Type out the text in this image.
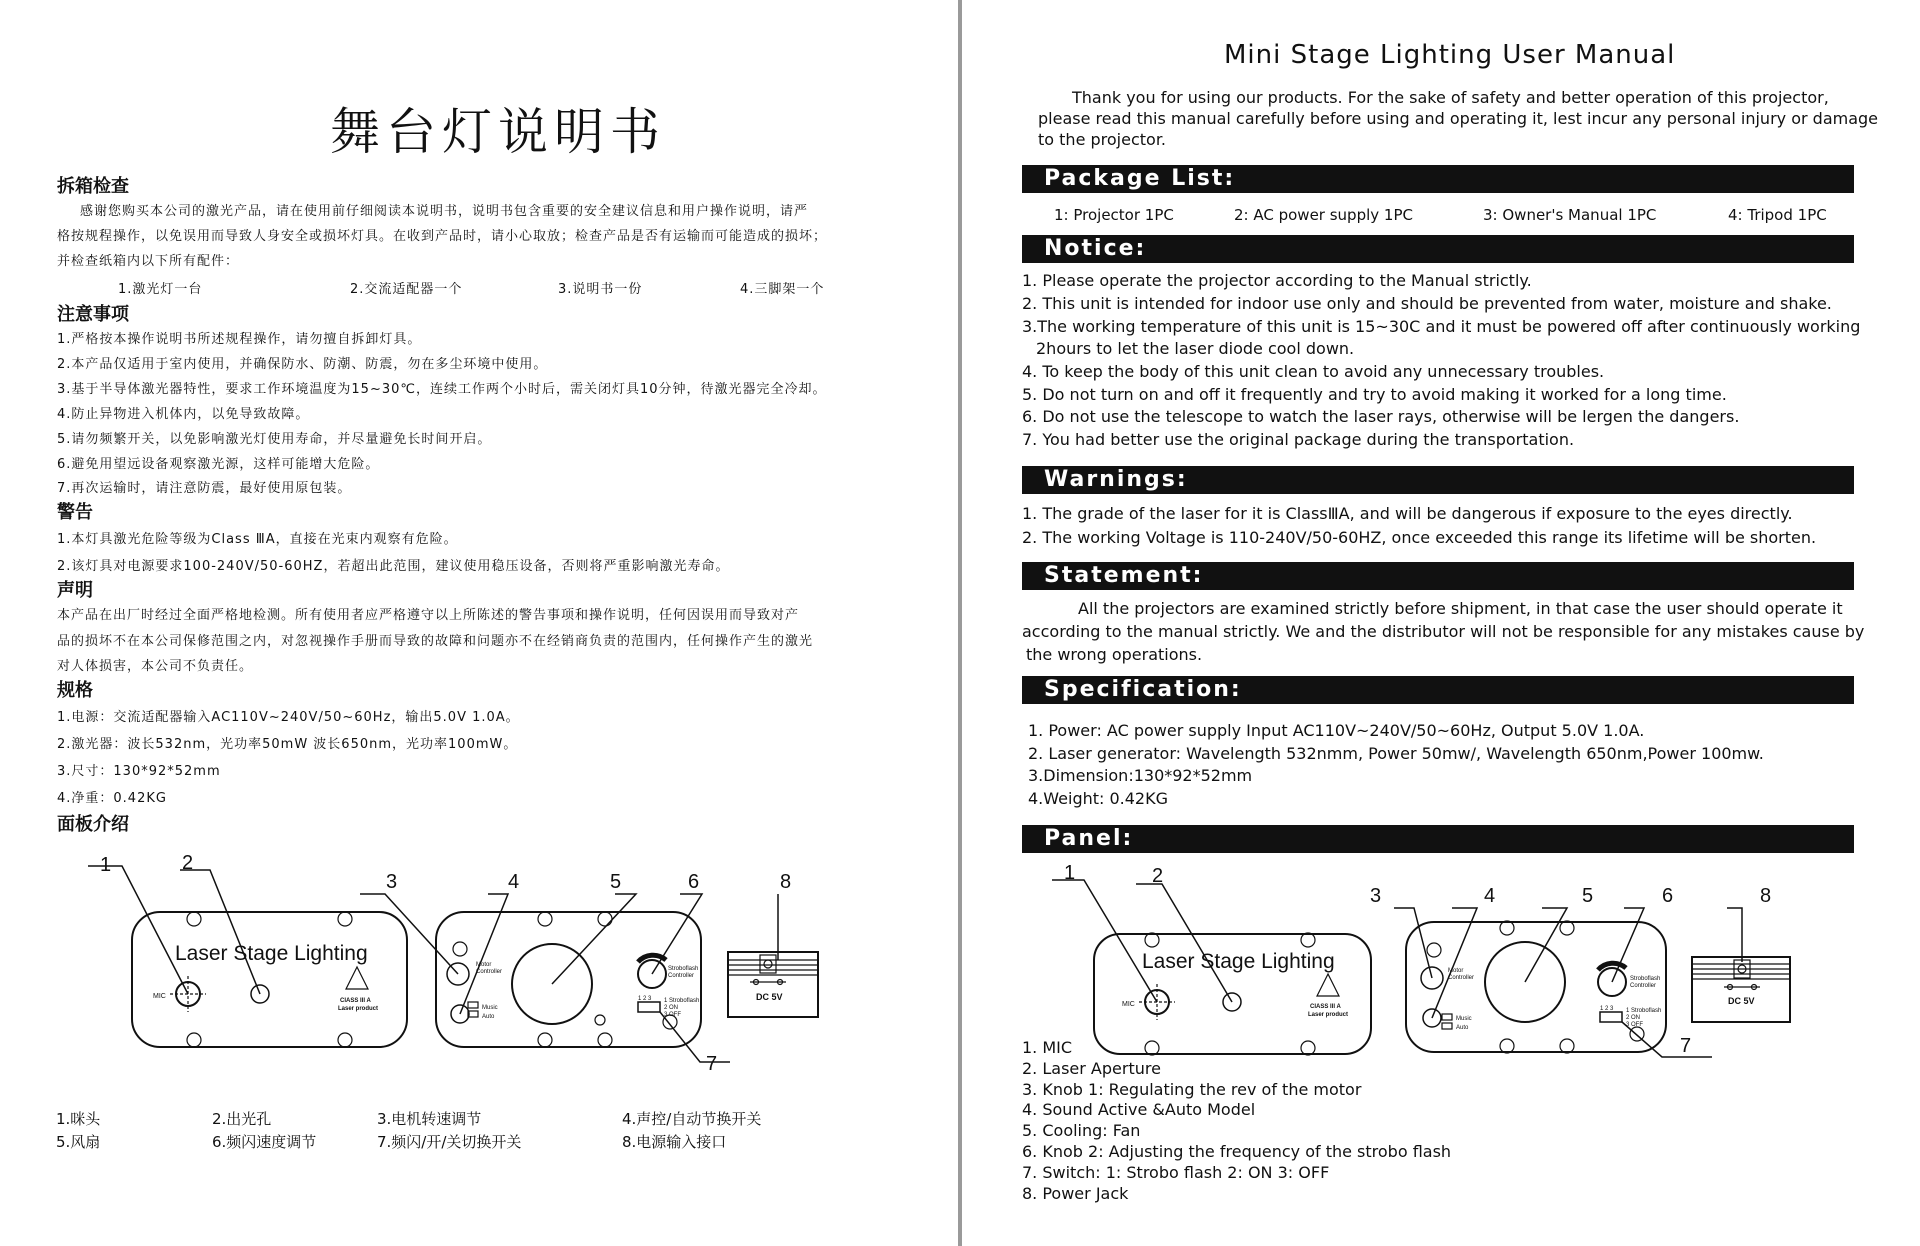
舞台灯说明书
拆箱检查
感谢您购买本公司的激光产品，请在使用前仔细阅读本说明书，说明书包含重要的安全建议信息和用户操作说明，请严
格按规程操作，以免误用而导致人身安全或损坏灯具。在收到产品时，请小心取放；检查产品是否有运输而可能造成的损坏；
并检查纸箱内以下所有配件：
1.激光灯一台	2.交流适配器一个	3.说明书一份	4.三脚架一个
注意事项
1.严格按本操作说明书所述规程操作，请勿擅自拆卸灯具。
2.本产品仅适用于室内使用，并确保防水、防潮、防震，勿在多尘环境中使用。
3.基于半导体激光器特性，要求工作环境温度为15~30℃，连续工作两个小时后，需关闭灯具10分钟，待激光器完全冷却。
4.防止异物进入机体内，以免导致故障。
5.请勿频繁开关，以免影响激光灯使用寿命，并尽量避免长时间开启。
6.避免用望远设备观察激光源，这样可能增大危险。
7.再次运输时，请注意防震，最好使用原包装。
警告
1.本灯具激光危险等级为Class ⅢA，直接在光束内观察有危险。
2.该灯具对电源要求100-240V/50-60HZ，若超出此范围，建议使用稳压设备，否则将严重影响激光寿命。
声明
本产品在出厂时经过全面严格地检测。所有使用者应严格遵守以上所陈述的警告事项和操作说明，任何因误用而导致对产
品的损坏不在本公司保修范围之内，对忽视操作手册而导致的故障和问题亦不在经销商负责的范围内，任何操作产生的激光
对人体损害，本公司不负责任。
规格
1.电源：交流适配器输入AC110V~240V/50~60Hz，输出5.0V 1.0A。
2.激光器：波长532nm，光功率50mW 波长650nm，光功率100mW。
3.尺寸：130*92*52mm
4.净重：0.42KG
面板介绍
1	2
3	4	5	6	8
7
Laser Stage Lighting
MIC
CIASS III A
Laser product
Motor
Controller
Music
Auto
Stroboflash
Controller
1 2 3 1 Stroboflash
2 ON
3 OFF
DC 5V
1.咪头	2.出光孔	3.电机转速调节	4.声控/自动节换开关
5.风扇	6.频闪速度调节	7.频闪/开/关切换开关	8.电源输入接口
Mini Stage Lighting User Manual
Thank you for using our products. For the sake of safety and better operation of this projector,
please read this manual carefully before using and operating it, lest incur any personal injury or damage
to the projector.
Package List:
1: Projector 1PC	2: AC power supply 1PC	3: Owner's Manual 1PC	4: Tripod 1PC
Notice:
1. Please operate the projector according to the Manual strictly.
2. This unit is intended for indoor use only and should be prevented from water, moisture and shake.
3.The working temperature of this unit is 15~30C and it must be powered off after continuously working
2hours to let the laser diode cool down.
4. To keep the body of this unit clean to avoid any unnecessary troubles.
5. Do not turn on and off it frequently and try to avoid making it worked for a long time.
6. Do not use the telescope to watch the laser rays, otherwise will be lergen the dangers.
7. You had better use the original package during the transportation.
Warnings:
1. The grade of the laser for it is ClassⅢA, and will be dangerous if exposure to the eyes directly.
2. The working Voltage is 110-240V/50-60HZ, once exceeded this range its lifetime will be shorten.
Statement:
All the projectors are examined strictly before shipment, in that case the user should operate it
according to the manual strictly. We and the distributor will not be responsible for any mistakes cause by
the wrong operations.
Specification:
1. Power: AC power supply Input AC110V~240V/50~60Hz, Output 5.0V 1.0A.
2. Laser generator: Wavelength 532nmm, Power 50mw/, Wavelength 650nm,Power 100mw.
3.Dimension:130*92*52mm
4.Weight: 0.42KG
Panel:
1	2
3	4	5	6	8
7
Laser Stage Lighting
MIC	CIASS III A
Laser product
Motor
Controller
Music
Auto
Stroboflash
Controller
1 2 3 1 Stroboflash
2 ON
3 OFF
DC 5V
1. MIC
2. Laser Aperture
3. Knob 1: Regulating the rev of the motor
4. Sound Active &Auto Model
5. Cooling: Fan
6. Knob 2: Adjusting the frequency of the strobo flash
7. Switch: 1: Strobo flash 2: ON 3: OFF
8. Power Jack
